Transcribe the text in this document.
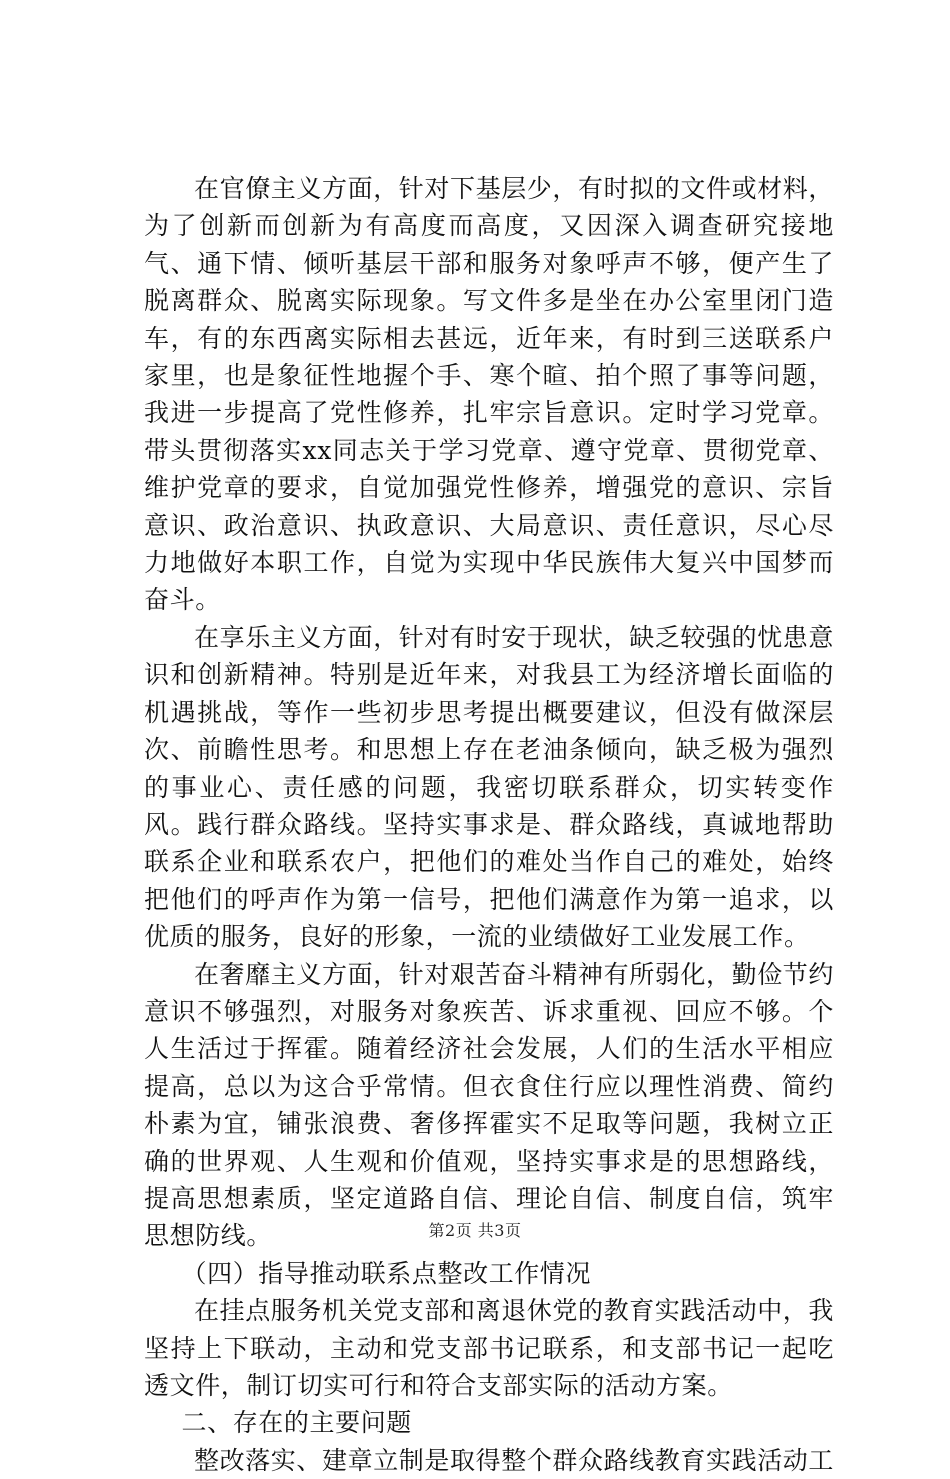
在官僚主义方面，针对下基层少，有时拟的文件或材料，为了创新而创新为有高度而高度，又因深入调查研究接地气、通下情、倾听基层干部和服务对象呼声不够，便产生了脱离群众、脱离实际现象。写文件多是坐在办公室里闭门造车，有的东西离实际相去甚远，近年来，有时到三送联系户家里，也是象征性地握个手、寒个暄、拍个照了事等问题，我进一步提高了党性修养，扎牢宗旨意识。定时学习党章。带头贯彻落实xx同志关于学习党章、遵守党章、贯彻党章、维护党章的要求，自觉加强党性修养，增强党的意识、宗旨意识、政治意识、执政意识、大局意识、责任意识，尽心尽力地做好本职工作，自觉为实现中华民族伟大复兴中国梦而奋斗。

在享乐主义方面，针对有时安于现状，缺乏较强的忧患意识和创新精神。特别是近年来，对我县工为经济增长面临的机遇挑战，等作一些初步思考提出概要建议，但没有做深层次、前瞻性思考。和思想上存在老油条倾向，缺乏极为强烈的事业心、责任感的问题，我密切联系群众，切实转变作风。践行群众路线。坚持实事求是、群众路线，真诚地帮助联系企业和联系农户，把他们的难处当作自己的难处，始终把他们的呼声作为第一信号，把他们满意作为第一追求，以优质的服务，良好的形象，一流的业绩做好工业发展工作。

在奢靡主义方面，针对艰苦奋斗精神有所弱化，勤俭节约意识不够强烈，对服务对象疾苦、诉求重视、回应不够。个人生活过于挥霍。随着经济社会发展，人们的生活水平相应提高，总以为这合乎常情。但衣食住行应以理性消费、简约朴素为宜，铺张浪费、奢侈挥霍实不足取等问题，我树立正确的世界观、人生观和价值观，坚持实事求是的思想路线，提高思想素质，坚定道路自信、理论自信、制度自信，筑牢思想防线。

（四）指导推动联系点整改工作情况

在挂点服务机关党支部和离退休党的教育实践活动中，我坚持上下联动，主动和党支部书记联系，和支部书记一起吃透文件，制订切实可行和符合支部实际的活动方案。

二、存在的主要问题

整改落实、建章立制是取得整个群众路线教育实践活动工

第2页 共3页
